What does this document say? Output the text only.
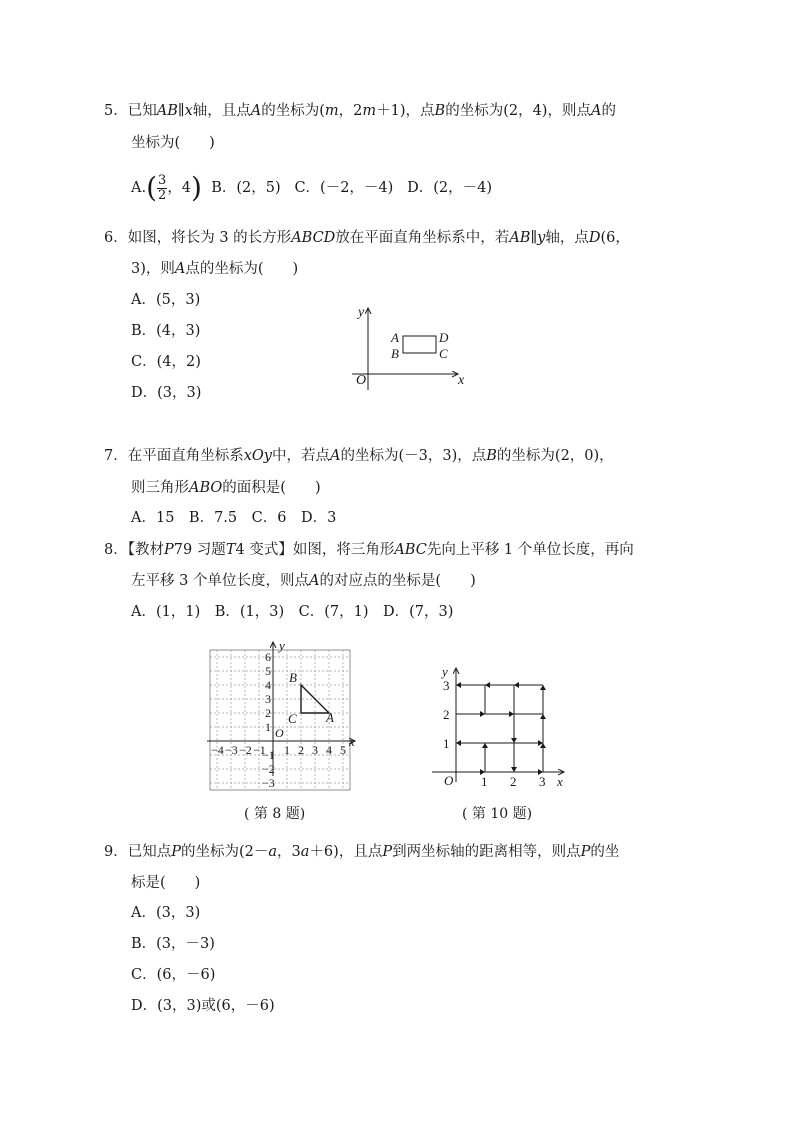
5．已知AB∥x轴，且点A的坐标为(m，2m＋1)，点B的坐标为(2，4)，则点A的
坐标为(　　)
$A.( \frac{3}{2}$ ，4) B．(2，5) C．(－2，－4) D．(2，－4)
6．如图，将长为 3 的长方形ABCD放在平面直角坐标系中，若AB∥y轴，点D(6，
3)，则A点的坐标为(　　)
A．(5，3)
B．(4，3)
C．(4，2)
D．(3，3)
y
x
O
A
B	C
D
7．在平面直角坐标系xOy中，若点A的坐标为(－3，3)，点B的坐标为(2，0)，
则三角形ABO的面积是(　　)
A．15　B．7.5　C．6　D．3
8．【教材P79 习题T4 变式】如图，将三角形ABC先向上平移 1 个单位长度，再向
左平移 3 个单位长度，则点A的对应点的坐标是(　　)
A．(1，1)　B．(1，3)　C．(7，1)　D．(7，3)
B
C A
y
x
O
−4 −3 −2 −1 1 2 3 4 5
6
5
4
3
2
1
−1
−2
−3
( 第 8 题)
y
x
O 1 2 3
3
2
1
( 第 10 题)
9．已知点P的坐标为(2－a，3a＋6)，且点P到两坐标轴的距离相等，则点P的坐
标是(　　)
A．(3，3)
B．(3，－3)
C．(6，－6)
D．(3，3)或(6，－6)
